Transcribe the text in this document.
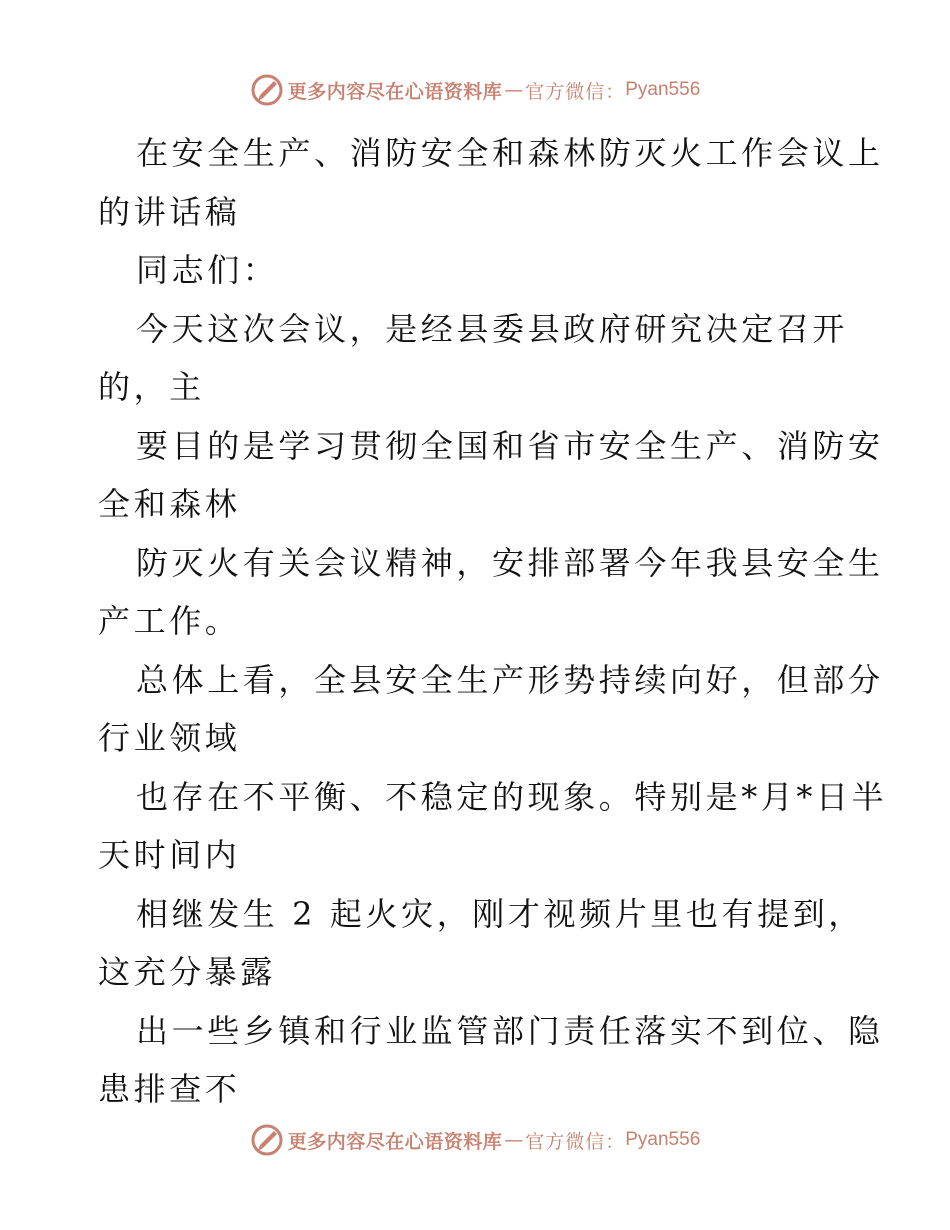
更多内容尽在心语资料库 — 官方微信： Pyan556
在安全生产、消防安全和森林防灭火工作会议上
的讲话稿
同志们：
今天这次会议，是经县委县政府研究决定召开
的，主
要目的是学习贯彻全国和省市安全生产、消防安
全和森林
防灭火有关会议精神，安排部署今年我县安全生
产工作。
总体上看，全县安全生产形势持续向好，但部分
行业领域
也存在不平衡、不稳定的现象。特别是*月*日半
天时间内
相继发生 2 起火灾，刚才视频片里也有提到，
这充分暴露
出一些乡镇和行业监管部门责任落实不到位、隐
患排查不
更多内容尽在心语资料库 — 官方微信： Pyan556
